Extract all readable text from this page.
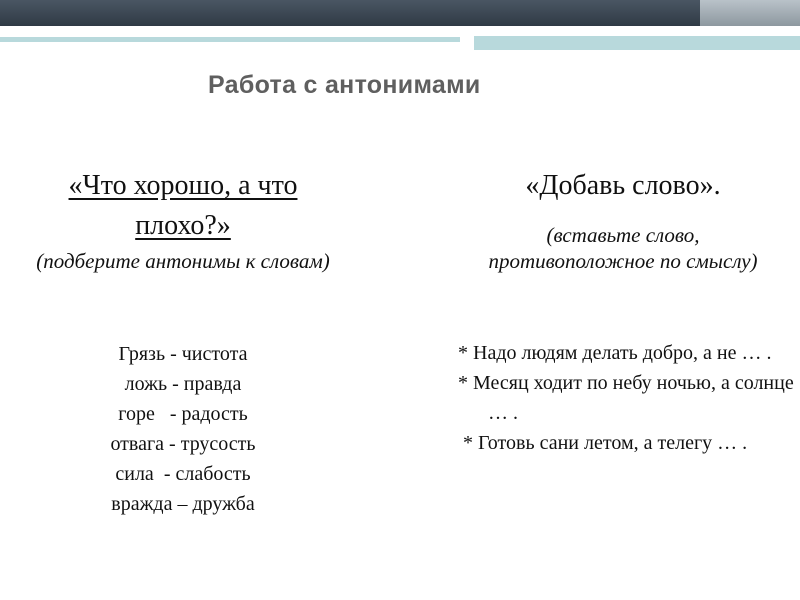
Работа с антонимами

«Что хорошо, а что плохо?»

(подберите антонимы к словам)

Грязь - чистота
ложь - правда
горе   - радость
отвага - трусость
сила  - слабость
вражда – дружба

«Добавь слово».

(вставьте слово, противоположное по смыслу)

* Надо людям делать добро, а не … .
* Месяц ходит по небу ночью, а солнце … .
* Готовь сани летом, а телегу … .
